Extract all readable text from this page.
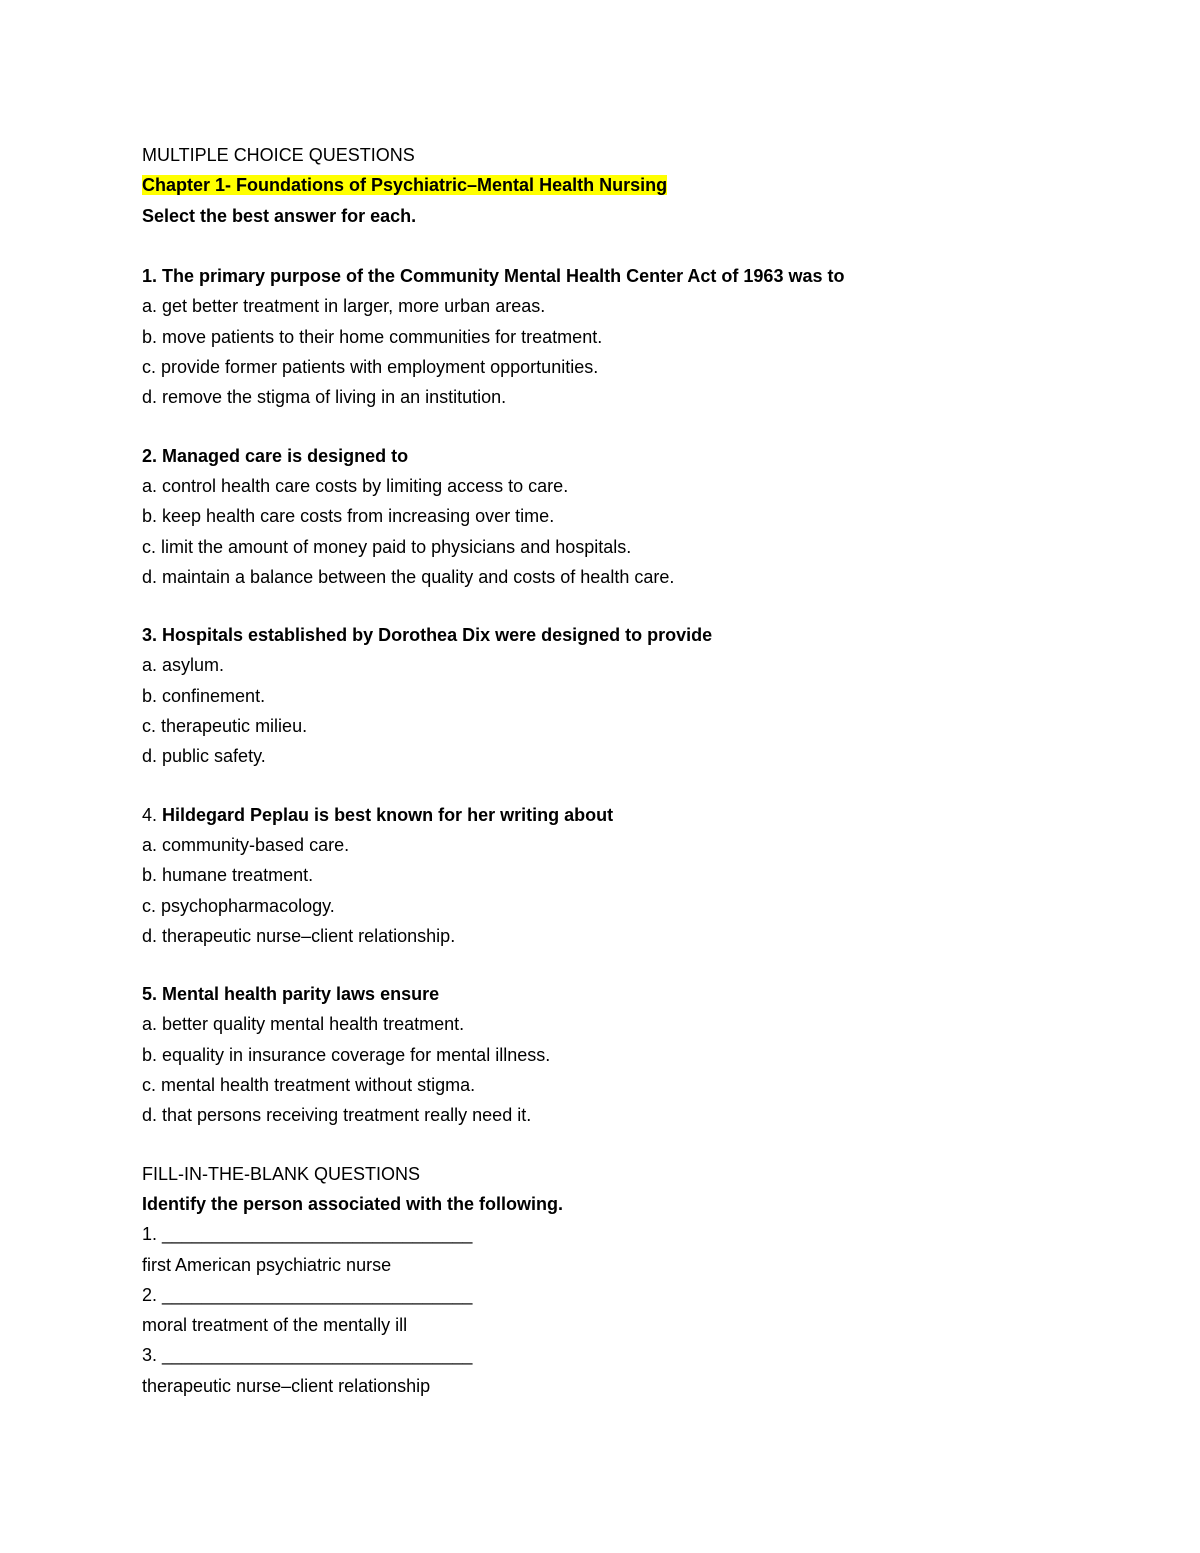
MULTIPLE CHOICE QUESTIONS
Chapter 1- Foundations of Psychiatric–Mental Health Nursing
Select the best answer for each.
1. The primary purpose of the Community Mental Health Center Act of 1963 was to
a. get better treatment in larger, more urban areas.
b. move patients to their home communities for treatment.
c. provide former patients with employment opportunities.
d. remove the stigma of living in an institution.
2. Managed care is designed to
a. control health care costs by limiting access to care.
b. keep health care costs from increasing over time.
c. limit the amount of money paid to physicians and hospitals.
d. maintain a balance between the quality and costs of health care.
3. Hospitals established by Dorothea Dix were designed to provide
a. asylum.
b. confinement.
c. therapeutic milieu.
d. public safety.
4. Hildegard Peplau is best known for her writing about
a. community-based care.
b. humane treatment.
c. psychopharmacology.
d. therapeutic nurse–client relationship.
5. Mental health parity laws ensure
a. better quality mental health treatment.
b. equality in insurance coverage for mental illness.
c. mental health treatment without stigma.
d. that persons receiving treatment really need it.
FILL-IN-THE-BLANK QUESTIONS
Identify the person associated with the following.
1. _______________________________
first American psychiatric nurse
2. _______________________________
moral treatment of the mentally ill
3. _______________________________
therapeutic nurse–client relationship
